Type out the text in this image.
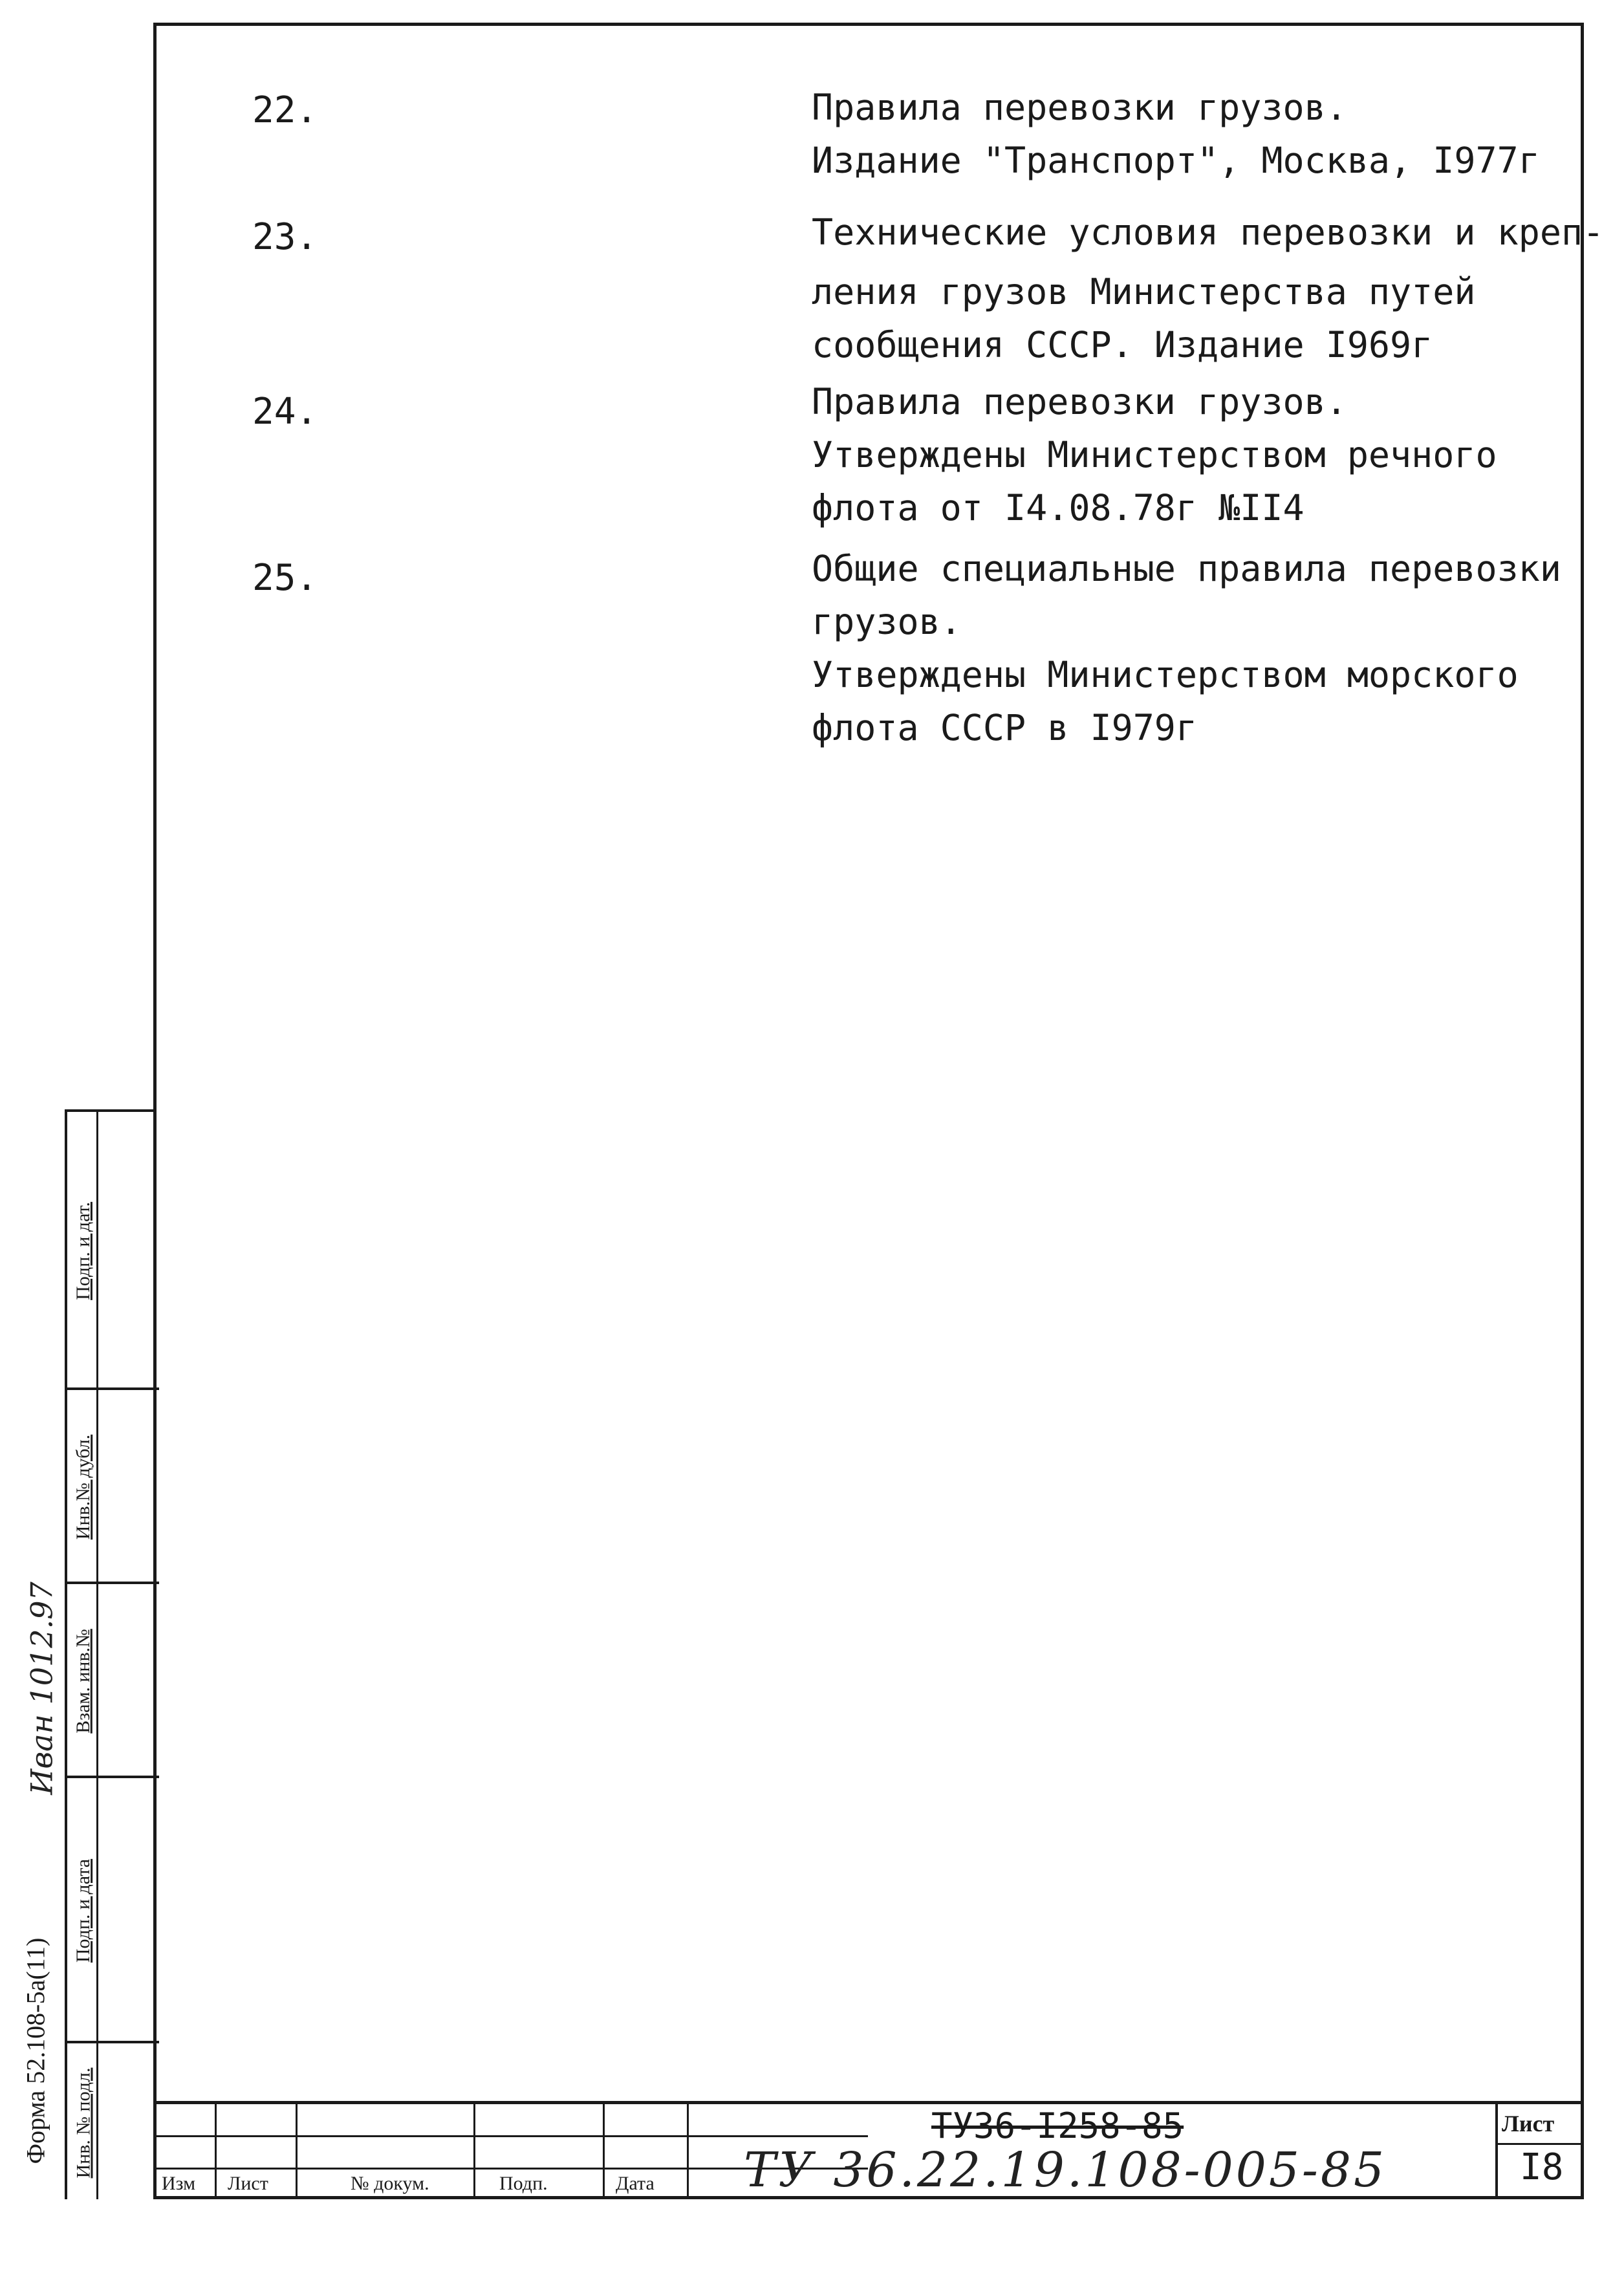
22.	Правила перевозки грузов.
Издание "Транспорт", Москва, I977г
23.	Технические условия перевозки и креп-
ления грузов Министерства путей
сообщения СССР. Издание I969г
24.	Правила перевозки грузов.
Утверждены Министерством речного
флота от I4.08.78г №II4
25.	Общие специальные правила перевозки
грузов.
Утверждены Министерством морского
флота СССР в I979г
Подп. и дат.
Инв.№ дубл.
Взам. инв.№
Подп. и дата
Инв. № подл.
Форма 52.108-5а(11)
Иван 1012.97
Изм Лист	№ докум.	Подп.	Дата
ТУ36-I258-85
ТУ 36.22.19.108-005-85
Лист
I8
